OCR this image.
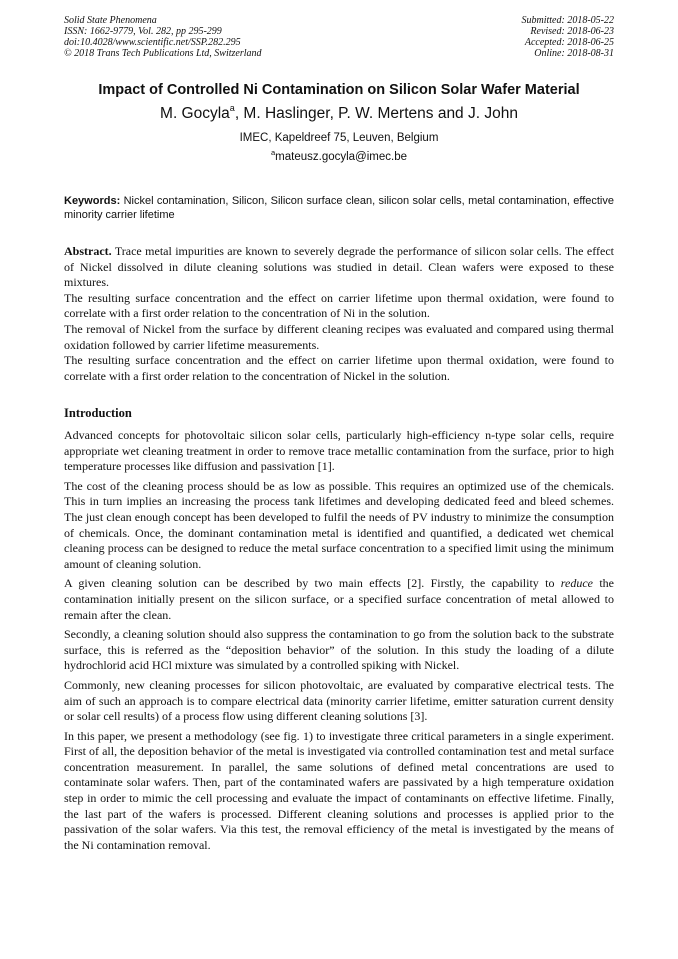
Solid State Phenomena
ISSN: 1662-9779, Vol. 282, pp 295-299
doi:10.4028/www.scientific.net/SSP.282.295
© 2018 Trans Tech Publications Ltd, Switzerland
Submitted: 2018-05-22
Revised: 2018-06-23
Accepted: 2018-06-25
Online: 2018-08-31
Impact of Controlled Ni Contamination on Silicon Solar Wafer Material
M. Gocyla$^a$, M. Haslinger, P. W. Mertens and J. John
IMEC, Kapeldreef 75, Leuven, Belgium
$^a$mateusz.gocyla@imec.be
Keywords: Nickel contamination, Silicon, Silicon surface clean, silicon solar cells, metal contamination, effective minority carrier lifetime

Abstract. Trace metal impurities are known to severely degrade the performance of silicon solar cells. The effect of Nickel dissolved in dilute cleaning solutions was studied in detail. Clean wafers were exposed to these mixtures.

The resulting surface concentration and the effect on carrier lifetime upon thermal oxidation, were found to correlate with a first order relation to the concentration of Ni in the solution.

The removal of Nickel from the surface by different cleaning recipes was evaluated and compared using thermal oxidation followed by carrier lifetime measurements.

The resulting surface concentration and the effect on carrier lifetime upon thermal oxidation, were found to correlate with a first order relation to the concentration of Nickel in the solution.

Introduction

Advanced concepts for photovoltaic silicon solar cells, particularly high-efficiency n-type solar cells, require appropriate wet cleaning treatment in order to remove trace metallic contamination from the surface, prior to high temperature processes like diffusion and passivation [1].

The cost of the cleaning process should be as low as possible. This requires an optimized use of the chemicals. This in turn implies an increasing the process tank lifetimes and developing dedicated feed and bleed schemes. The just clean enough concept has been developed to fulfil the needs of PV industry to minimize the consumption of chemicals. Once, the dominant contamination metal is identified and quantified, a dedicated wet chemical cleaning process can be designed to reduce the metal surface concentration to a specified limit using the minimum amount of cleaning solution.

A given cleaning solution can be described by two main effects [2]. Firstly, the capability to reduce the contamination initially present on the silicon surface, or a specified surface concentration of metal allowed to remain after the clean.

Secondly, a cleaning solution should also suppress the contamination to go from the solution back to the substrate surface, this is referred as the “deposition behavior” of the solution. In this study the loading of a dilute hydrochlorid acid HCl mixture was simulated by a controlled spiking with Nickel.

Commonly, new cleaning processes for silicon photovoltaic, are evaluated by comparative electrical tests. The aim of such an approach is to compare electrical data (minority carrier lifetime, emitter saturation current density or solar cell results) of a process flow using different cleaning solutions [3].

In this paper, we present a methodology (see fig. 1) to investigate three critical parameters in a single experiment. First of all, the deposition behavior of the metal is investigated via controlled contamination test and metal surface concentration measurement. In parallel, the same solutions of defined metal concentrations are used to contaminate solar wafers. Then, part of the contaminated wafers are passivated by a high temperature oxidation step in order to mimic the cell processing and evaluate the impact of contaminants on effective lifetime. Finally, the last part of the wafers is processed. Different cleaning solutions and processes is applied prior to the passivation of the solar wafers. Via this test, the removal efficiency of the metal is investigated by the means of the Ni contamination removal.
